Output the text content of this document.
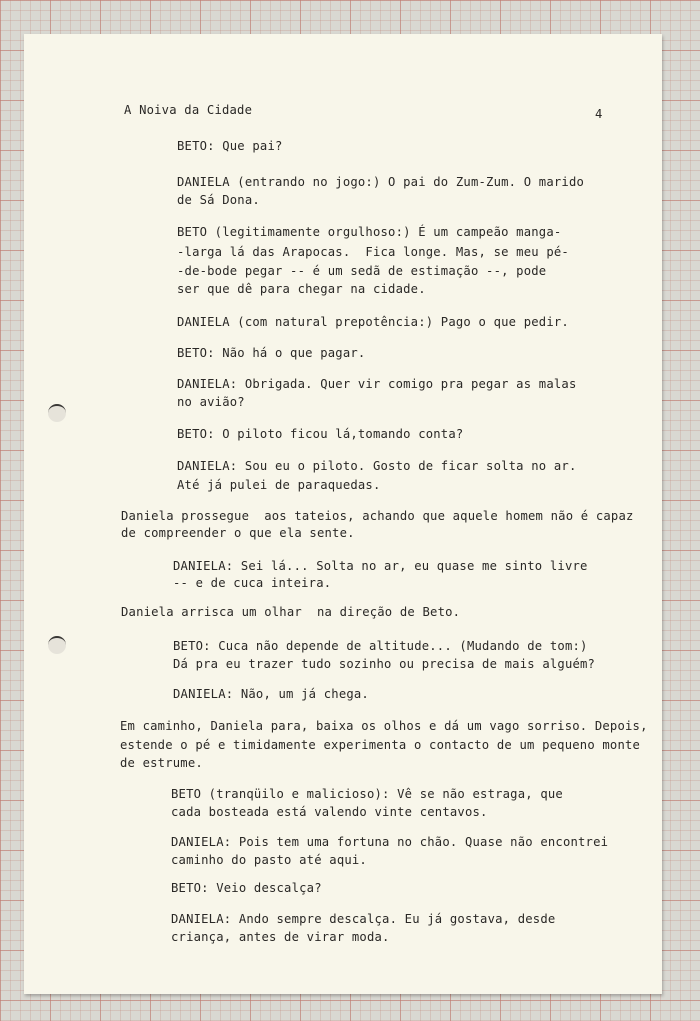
A Noiva da Cidade	4
BETO: Que pai?
DANIELA (entrando no jogo:) O pai do Zum-Zum. O marido
de Sá Dona.
BETO (legitimamente orgulhoso:) É um campeão manga-
-larga lá das Arapocas.  Fica longe. Mas, se meu pé-
-de-bode pegar -- é um sedã de estimação --, pode
ser que dê para chegar na cidade.
DANIELA (com natural prepotência:) Pago o que pedir.
BETO: Não há o que pagar.
DANIELA: Obrigada. Quer vir comigo pra pegar as malas
no avião?
BETO: O piloto ficou lá,tomando conta?
DANIELA: Sou eu o piloto. Gosto de ficar solta no ar.
Até já pulei de paraquedas.
Daniela prossegue  aos tateios, achando que aquele homem não é capaz
de compreender o que ela sente.
DANIELA: Sei lá... Solta no ar, eu quase me sinto livre
-- e de cuca inteira.
Daniela arrisca um olhar  na direção de Beto.
BETO: Cuca não depende de altitude... (Mudando de tom:)
Dá pra eu trazer tudo sozinho ou precisa de mais alguém?
DANIELA: Não, um já chega.
Em caminho, Daniela para, baixa os olhos e dá um vago sorriso. Depois,
estende o pé e timidamente experimenta o contacto de um pequeno monte
de estrume.
BETO (tranqüilo e malicioso): Vê se não estraga, que
cada bosteada está valendo vinte centavos.
DANIELA: Pois tem uma fortuna no chão. Quase não encontrei
caminho do pasto até aqui.
BETO: Veio descalça?
DANIELA: Ando sempre descalça. Eu já gostava, desde
criança, antes de virar moda.
